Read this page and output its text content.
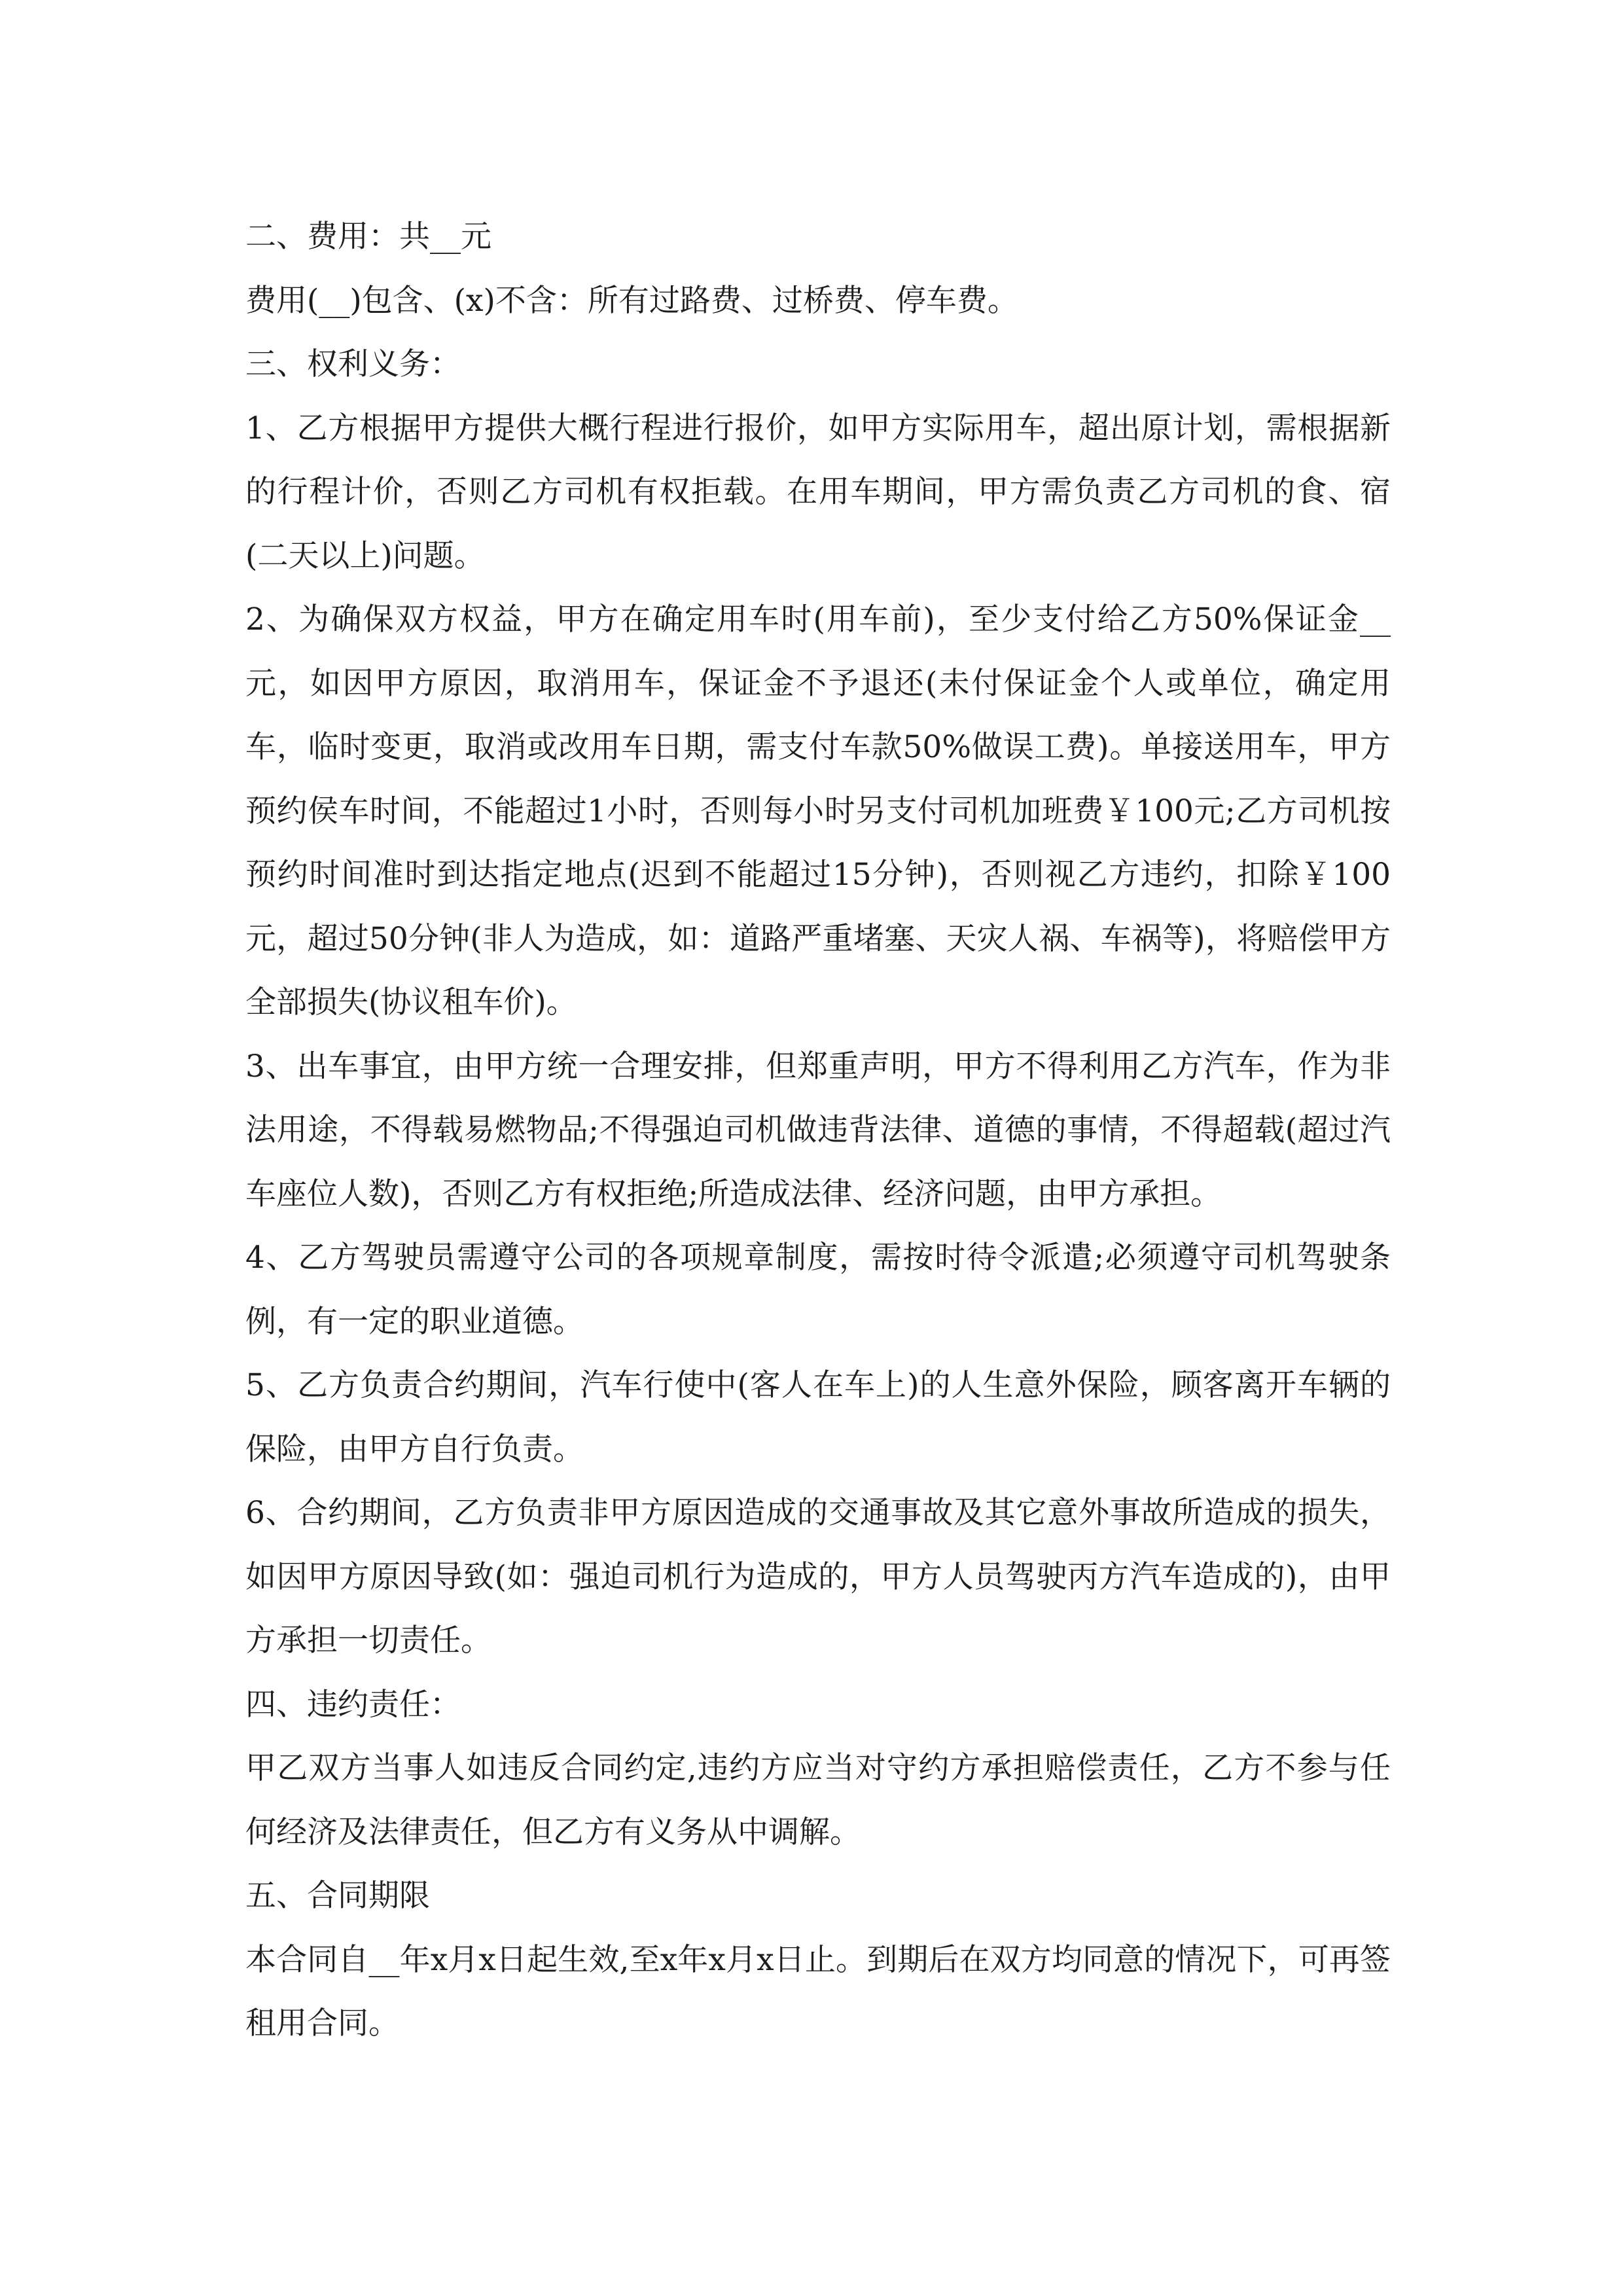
二、费用：共__元

费用(__)包含、(x)不含：所有过路费、过桥费、停车费。

三、权利义务：

1、乙方根据甲方提供大概行程进行报价，如甲方实际用车，超出原计划，需根据新的行程计价，否则乙方司机有权拒载。在用车期间，甲方需负责乙方司机的食、宿(二天以上)问题。

2、为确保双方权益，甲方在确定用车时(用车前)，至少支付给乙方50%保证金__元，如因甲方原因，取消用车，保证金不予退还(未付保证金个人或单位，确定用车，临时变更，取消或改用车日期，需支付车款50%做误工费)。单接送用车，甲方预约侯车时间，不能超过1小时，否则每小时另支付司机加班费￥100元;乙方司机按预约时间准时到达指定地点(迟到不能超过15分钟)，否则视乙方违约，扣除￥100元，超过50分钟(非人为造成，如：道路严重堵塞、天灾人祸、车祸等)，将赔偿甲方全部损失(协议租车价)。

3、出车事宜，由甲方统一合理安排，但郑重声明，甲方不得利用乙方汽车，作为非法用途，不得载易燃物品;不得强迫司机做违背法律、道德的事情，不得超载(超过汽车座位人数)，否则乙方有权拒绝;所造成法律、经济问题，由甲方承担。

4、乙方驾驶员需遵守公司的各项规章制度，需按时待令派遣;必须遵守司机驾驶条例，有一定的职业道德。

5、乙方负责合约期间，汽车行使中(客人在车上)的人生意外保险，顾客离开车辆的保险，由甲方自行负责。

6、合约期间，乙方负责非甲方原因造成的交通事故及其它意外事故所造成的损失，如因甲方原因导致(如：强迫司机行为造成的，甲方人员驾驶丙方汽车造成的)，由甲方承担一切责任。

四、违约责任：

甲乙双方当事人如违反合同约定,违约方应当对守约方承担赔偿责任，乙方不参与任何经济及法律责任，但乙方有义务从中调解。

五、合同期限

本合同自__年x月x日起生效,至x年x月x日止。到期后在双方均同意的情况下，可再签租用合同。
